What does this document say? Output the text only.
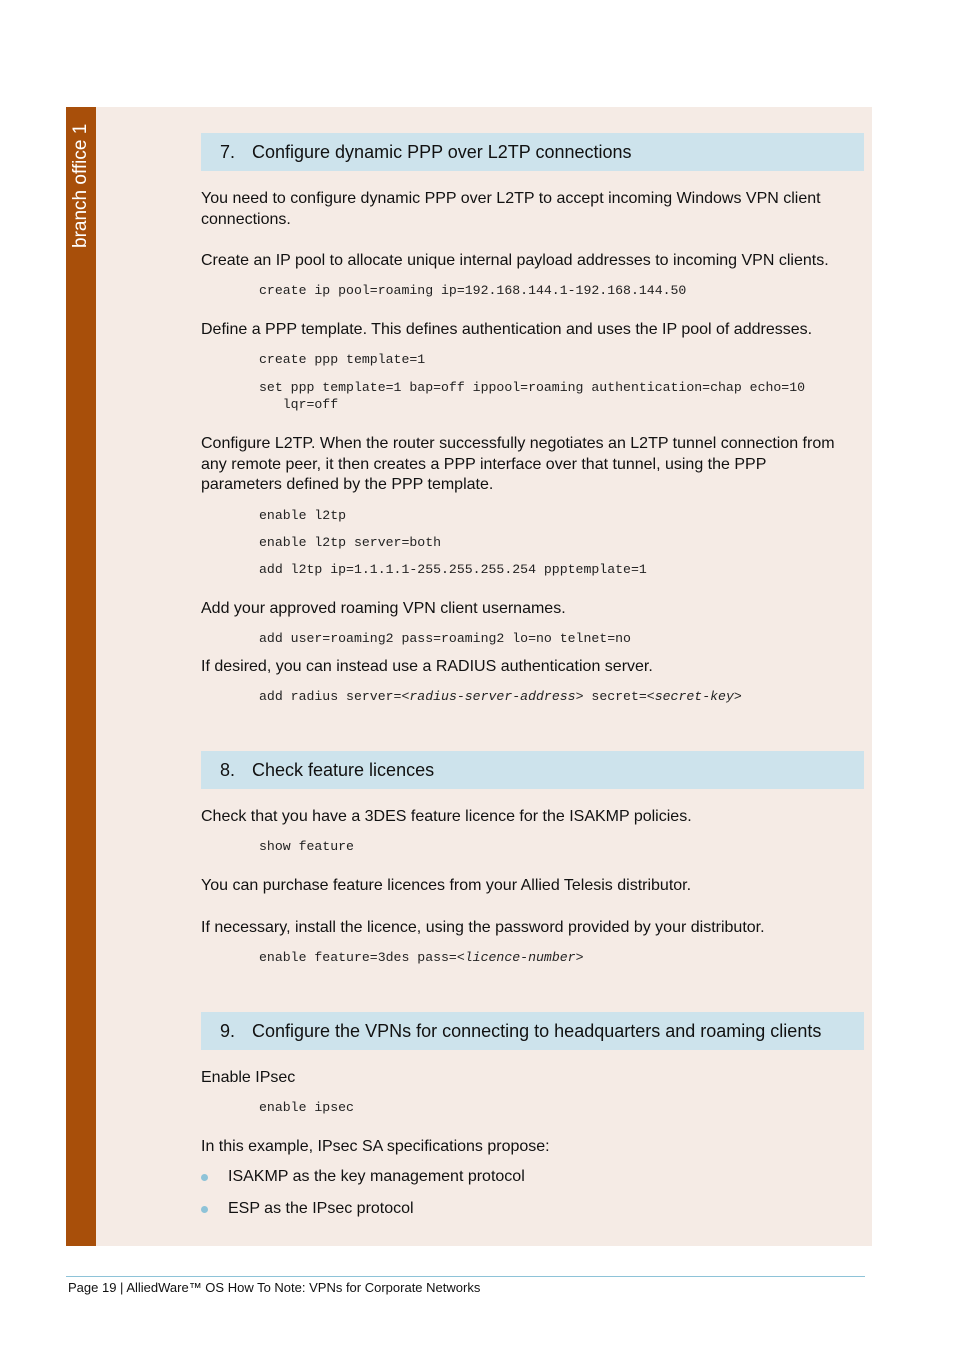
branch office 1	7. Configure dynamic PPP over L2TP connections

You need to configure dynamic PPP over L2TP to accept incoming Windows VPN client connections.

Create an IP pool to allocate unique internal payload addresses to incoming VPN clients.

create ip pool=roaming ip=192.168.144.1-192.168.144.50

Define a PPP template. This defines authentication and uses the IP pool of addresses.

create ppp template=1
set ppp template=1 bap=off ippool=roaming authentication=chap echo=10
lqr=off

Configure L2TP. When the router successfully negotiates an L2TP tunnel connection from any remote peer, it then creates a PPP interface over that tunnel, using the PPP parameters defined by the PPP template.

enable l2tp
enable l2tp server=both
add l2tp ip=1.1.1.1-255.255.255.254 ppptemplate=1

Add your approved roaming VPN client usernames.

add user=roaming2 pass=roaming2 lo=no telnet=no

If desired, you can instead use a RADIUS authentication server.

add radius server=<radius-server-address> secret=<secret-key>
8. Check feature licences

Check that you have a 3DES feature licence for the ISAKMP policies.

show feature

You can purchase feature licences from your Allied Telesis distributor.

If necessary, install the licence, using the password provided by your distributor.

enable feature=3des pass=<licence-number>
9. Configure the VPNs for connecting to headquarters and roaming clients

Enable IPsec

enable ipsec

In this example, IPsec SA specifications propose:

ISAKMP as the key management protocol
ESP as the IPsec protocol
Page 19 | AlliedWare™ OS How To Note: VPNs for Corporate Networks
